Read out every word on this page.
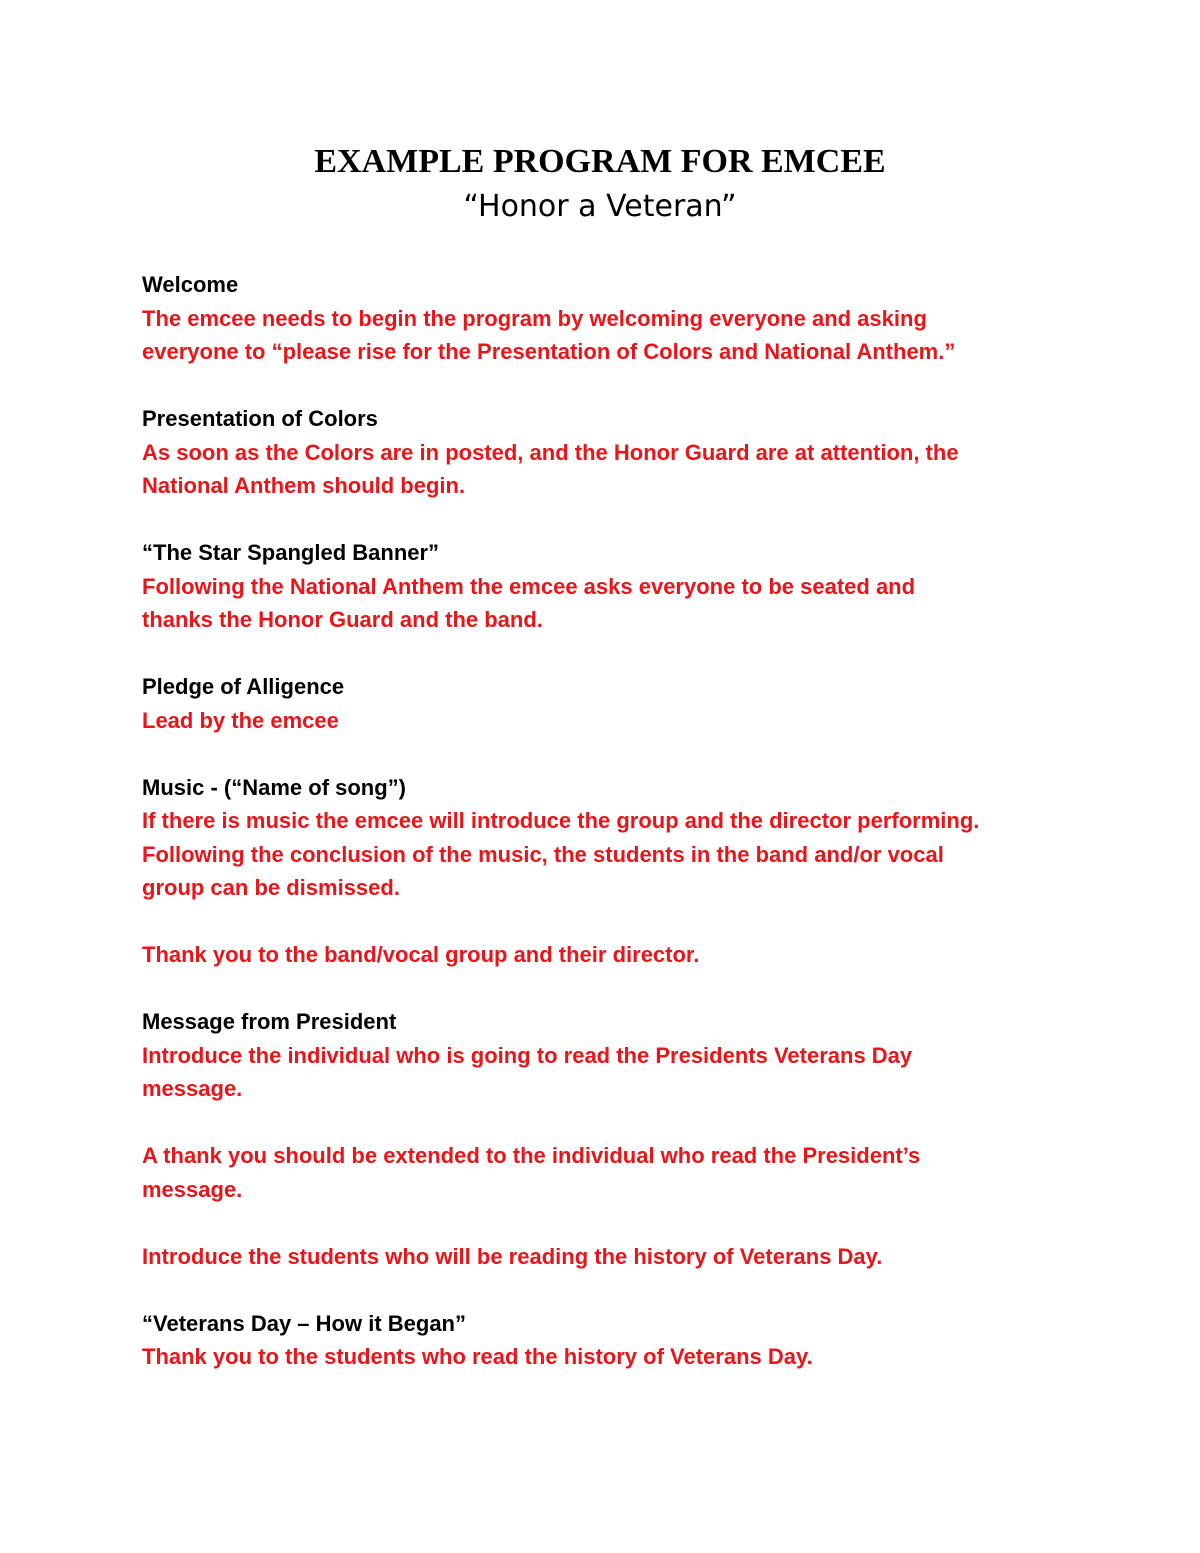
EXAMPLE PROGRAM FOR EMCEE
“Honor a Veteran”

Welcome

The emcee needs to begin the program by welcoming everyone and asking

everyone to “please rise for the Presentation of Colors and National Anthem.”

Presentation of Colors

As soon as the Colors are in posted, and the Honor Guard are at attention, the

National Anthem should begin.

“The Star Spangled Banner”

Following the National Anthem the emcee asks everyone to be seated and

thanks the Honor Guard and the band.

Pledge of Alligence

Lead by the emcee

Music - (“Name of song”)

If there is music the emcee will introduce the group and the director performing.

Following the conclusion of the music, the students in the band and/or vocal

group can be dismissed.

Thank you to the band/vocal group and their director.

Message from President

Introduce the individual who is going to read the Presidents Veterans Day

message.

A thank you should be extended to the individual who read the President’s

message.

Introduce the students who will be reading the history of Veterans Day.

“Veterans Day – How it Began”

Thank you to the students who read the history of Veterans Day.
